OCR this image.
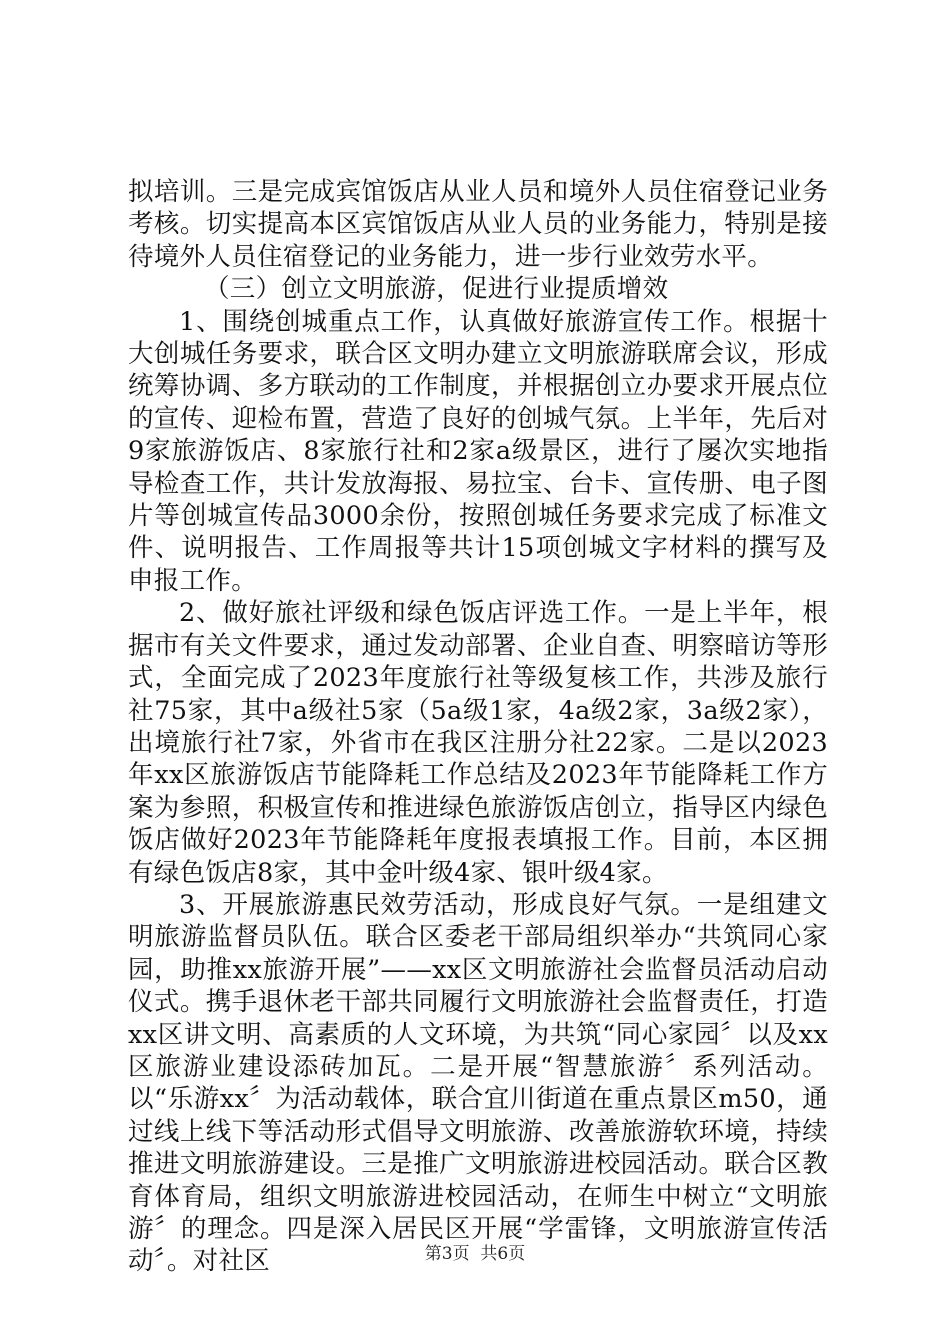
拟培训。三是完成宾馆饭店从业人员和境外人员住宿登记业务考核。切实提高本区宾馆饭店从业人员的业务能力，特别是接待境外人员住宿登记的业务能力，进一步行业效劳水平。

（三）创立文明旅游，促进行业提质增效

1、围绕创城重点工作，认真做好旅游宣传工作。根据十大创城任务要求，联合区文明办建立文明旅游联席会议，形成统筹协调、多方联动的工作制度，并根据创立办要求开展点位的宣传、迎检布置，营造了良好的创城气氛。上半年，先后对9家旅游饭店、8家旅行社和2家a级景区，进行了屡次实地指导检查工作，共计发放海报、易拉宝、台卡、宣传册、电子图片等创城宣传品3000余份，按照创城任务要求完成了标准文件、说明报告、工作周报等共计15项创城文字材料的撰写及申报工作。

2、做好旅社评级和绿色饭店评选工作。一是上半年，根据市有关文件要求，通过发动部署、企业自查、明察暗访等形式，全面完成了2023年度旅行社等级复核工作，共涉及旅行社75家，其中a级社5家（5a级1家，4a级2家，3a级2家），出境旅行社7家，外省市在我区注册分社22家。二是以2023年xx区旅游饭店节能降耗工作总结及2023年节能降耗工作方案为参照，积极宣传和推进绿色旅游饭店创立，指导区内绿色饭店做好2023年节能降耗年度报表填报工作。目前，本区拥有绿色饭店8家，其中金叶级4家、银叶级4家。

3、开展旅游惠民效劳活动，形成良好气氛。一是组建文明旅游监督员队伍。联合区委老干部局组织举办“共筑同心家园，助推xx旅游开展”——xx区文明旅游社会监督员活动启动仪式。携手退休老干部共同履行文明旅游社会监督责任，打造xx区讲文明、高素质的人文环境，为共筑“同心家园〞以及xx区旅游业建设添砖加瓦。二是开展“智慧旅游〞系列活动。以“乐游xx〞为活动载体，联合宜川街道在重点景区m50，通过线上线下等活动形式倡导文明旅游、改善旅游软环境，持续推进文明旅游建设。三是推广文明旅游进校园活动。联合区教育体育局，组织文明旅游进校园活动，在师生中树立“文明旅游〞的理念。四是深入居民区开展“学雷锋，文明旅游宣传活动〞。对社区	第3页  共6页
